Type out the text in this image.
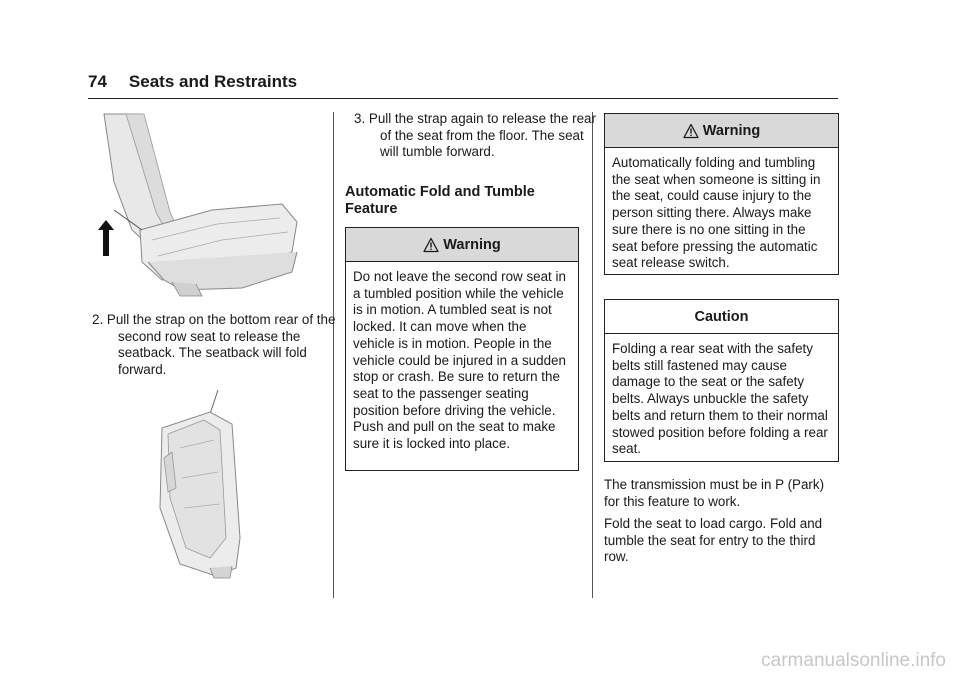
74 Seats and Restraints

2. Pull the strap on the bottom rear of the second row seat to release the seatback. The seatback will fold forward.

3. Pull the strap again to release the rear of the seat from the floor. The seat will tumble forward.

Automatic Fold and Tumble Feature
Warning
Do not leave the second row seat in a tumbled position while the vehicle is in motion. A tumbled seat is not locked. It can move when the vehicle is in motion. People in the vehicle could be injured in a sudden stop or crash. Be sure to return the seat to the passenger seating position before driving the vehicle. Push and pull on the seat to make sure it is locked into place.
Warning
Automatically folding and tumbling the seat when someone is sitting in the seat, could cause injury to the person sitting there. Always make sure there is no one sitting in the seat before pressing the automatic seat release switch.
Caution
Folding a rear seat with the safety belts still fastened may cause damage to the seat or the safety belts. Always unbuckle the safety belts and return them to their normal stowed position before folding a rear seat.

The transmission must be in P (Park) for this feature to work.

Fold the seat to load cargo. Fold and tumble the seat for entry to the third row.

carmanualsonline.info
